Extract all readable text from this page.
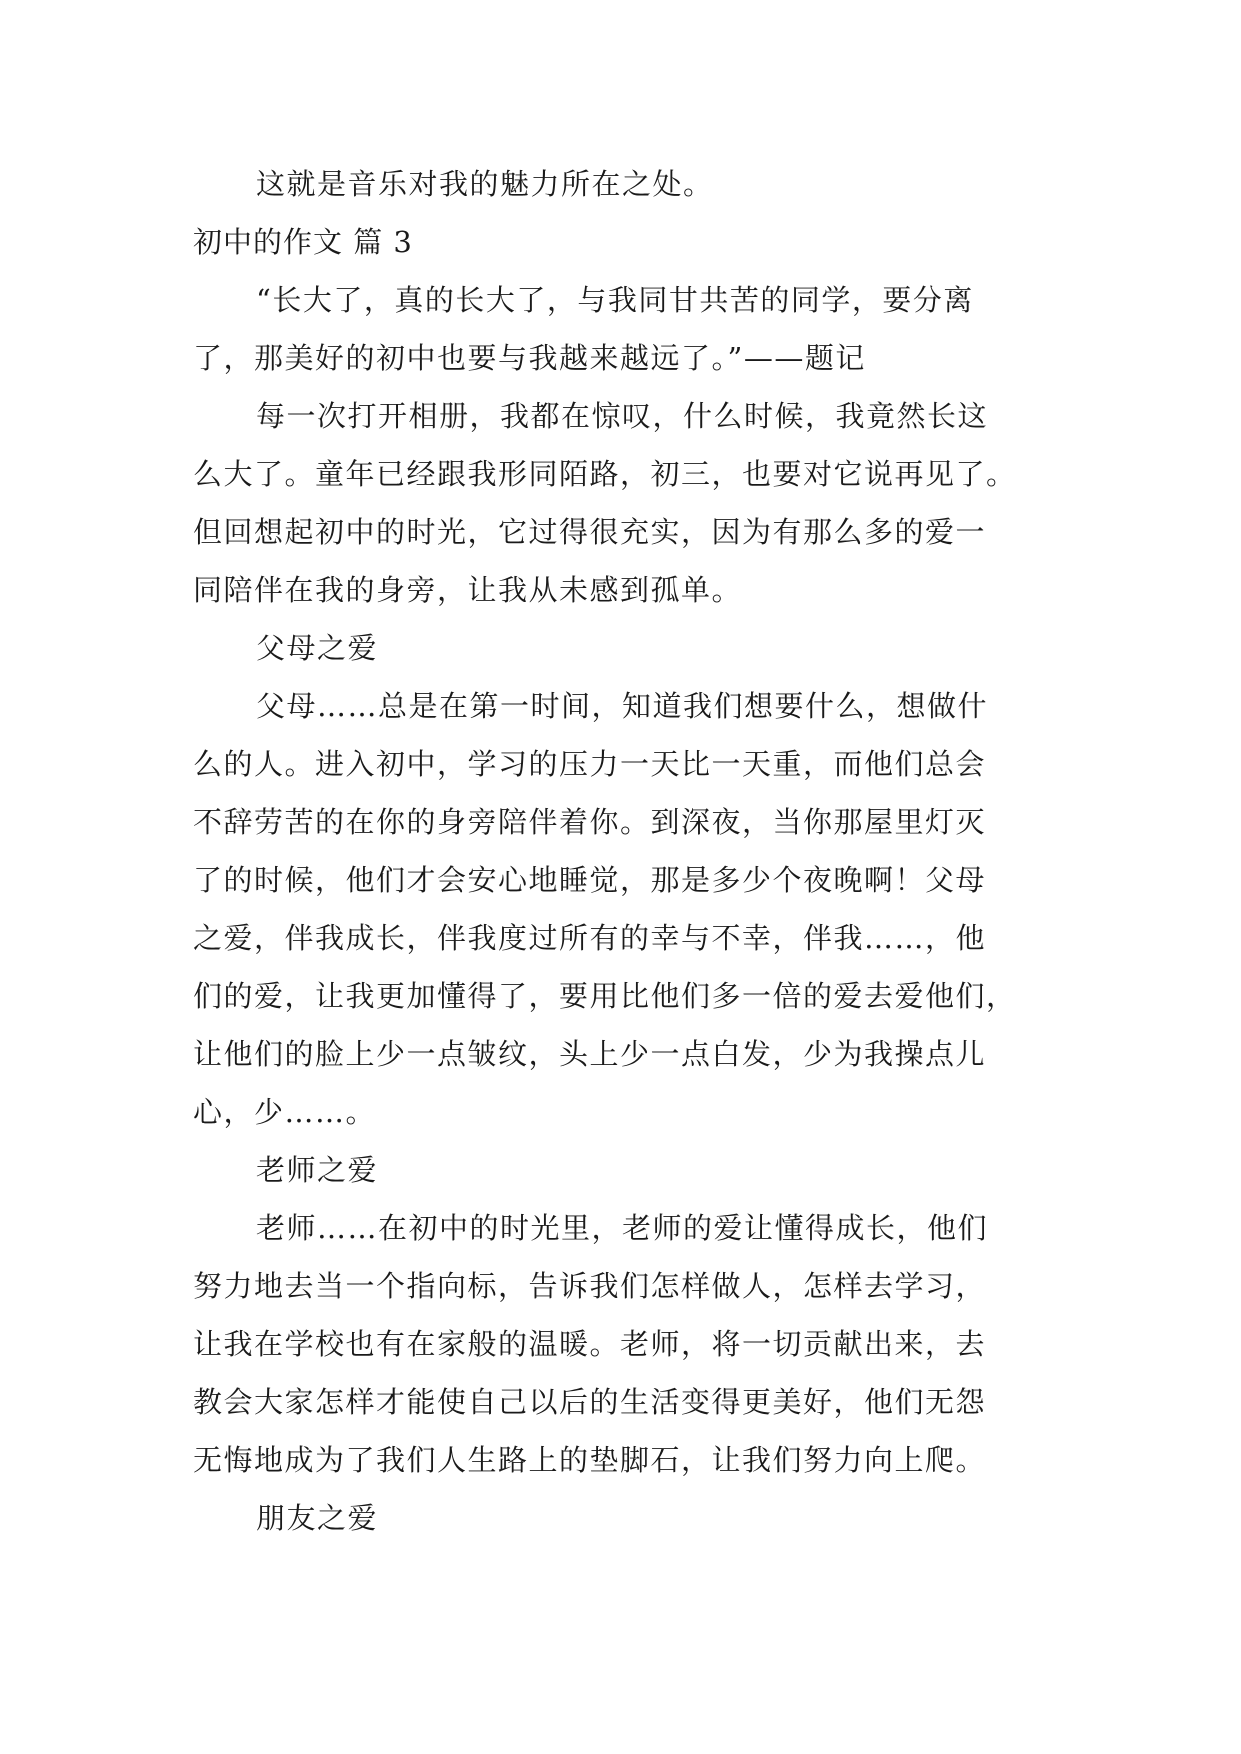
这就是音乐对我的魅力所在之处。
初中的作文 篇 3
“长大了，真的长大了，与我同甘共苦的同学，要分离
了，那美好的初中也要与我越来越远了。”——题记
每一次打开相册，我都在惊叹，什么时候，我竟然长这
么大了。童年已经跟我形同陌路，初三，也要对它说再见了。
但回想起初中的时光，它过得很充实，因为有那么多的爱一
同陪伴在我的身旁，让我从未感到孤单。
父母之爱
父母……总是在第一时间，知道我们想要什么，想做什
么的人。进入初中，学习的压力一天比一天重，而他们总会
不辞劳苦的在你的身旁陪伴着你。到深夜，当你那屋里灯灭
了的时候，他们才会安心地睡觉，那是多少个夜晚啊！父母
之爱，伴我成长，伴我度过所有的幸与不幸，伴我……，他
们的爱，让我更加懂得了，要用比他们多一倍的爱去爱他们，
让他们的脸上少一点皱纹，头上少一点白发，少为我操点儿
心，少……。
老师之爱
老师……在初中的时光里，老师的爱让懂得成长，他们
努力地去当一个指向标，告诉我们怎样做人，怎样去学习，
让我在学校也有在家般的温暖。老师，将一切贡献出来，去
教会大家怎样才能使自己以后的生活变得更美好，他们无怨
无悔地成为了我们人生路上的垫脚石，让我们努力向上爬。
朋友之爱
